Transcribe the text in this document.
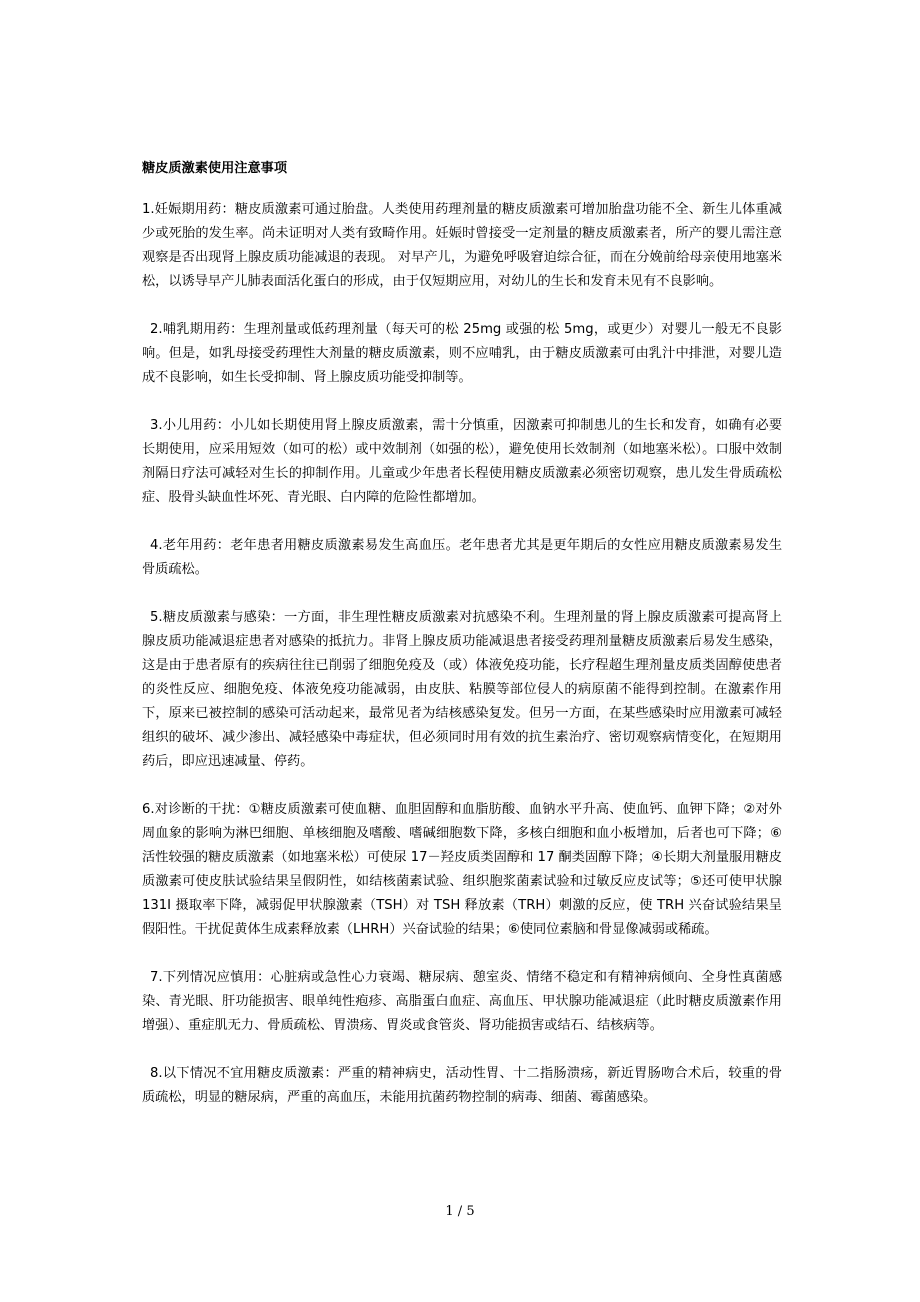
糖皮质激素使用注意事项

1.妊娠期用药：糖皮质激素可通过胎盘。人类使用药理剂量的糖皮质激素可增加胎盘功能不全、新生儿体重减少或死胎的发生率。尚未证明对人类有致畸作用。妊娠时曾接受一定剂量的糖皮质激素者，所产的婴儿需注意观察是否出现肾上腺皮质功能减退的表现。 对早产儿，为避免呼吸窘迫综合征，而在分娩前给母亲使用地塞米松，以诱导早产儿肺表面活化蛋白的形成，由于仅短期应用，对幼儿的生长和发育未见有不良影响。

2.哺乳期用药：生理剂量或低药理剂量（每天可的松 25mg 或强的松 5mg，或更少）对婴儿一般无不良影响。但是，如乳母接受药理性大剂量的糖皮质激素，则不应哺乳，由于糖皮质激素可由乳汁中排泄，对婴儿造成不良影响，如生长受抑制、肾上腺皮质功能受抑制等。

3.小儿用药：小儿如长期使用肾上腺皮质激素，需十分慎重，因激素可抑制患儿的生长和发育，如确有必要长期使用，应采用短效（如可的松）或中效制剂（如强的松），避免使用长效制剂（如地塞米松）。口服中效制剂隔日疗法可减轻对生长的抑制作用。儿童或少年患者长程使用糖皮质激素必须密切观察，患儿发生骨质疏松症、股骨头缺血性坏死、青光眼、白内障的危险性都增加。

4.老年用药：老年患者用糖皮质激素易发生高血压。老年患者尤其是更年期后的女性应用糖皮质激素易发生骨质疏松。

5.糖皮质激素与感染：一方面，非生理性糖皮质激素对抗感染不利。生理剂量的肾上腺皮质激素可提高肾上腺皮质功能减退症患者对感染的抵抗力。非肾上腺皮质功能减退患者接受药理剂量糖皮质激素后易发生感染，这是由于患者原有的疾病往往已削弱了细胞免疫及（或）体液免疫功能，长疗程超生理剂量皮质类固醇使患者的炎性反应、细胞免疫、体液免疫功能减弱，由皮肤、粘膜等部位侵人的病原菌不能得到控制。在激素作用下，原来已被控制的感染可活动起来，最常见者为结核感染复发。但另一方面，在某些感染时应用激素可减轻组织的破坏、减少渗出、减轻感染中毒症状，但必须同时用有效的抗生素治疗、密切观察病情变化，在短期用药后，即应迅速减量、停药。

6.对诊断的干扰：①糖皮质激素可使血糖、血胆固醇和血脂肪酸、血钠水平升高、使血钙、血钾下降；②对外周血象的影响为淋巴细胞、单核细胞及嗜酸、嗜碱细胞数下降，多核白细胞和血小板增加，后者也可下降；⑥活性较强的糖皮质激素（如地塞米松）可使尿 17－羟皮质类固醇和 17 酮类固醇下降；④长期大剂量服用糖皮质激素可使皮肤试验结果呈假阴性，如结核菌素试验、组织胞浆菌素试验和过敏反应皮试等；⑤还可使甲状腺 131I 摄取率下降，减弱促甲状腺激素（TSH）对 TSH 释放素（TRH）刺激的反应，使 TRH 兴奋试验结果呈假阳性。干扰促黄体生成素释放素（LHRH）兴奋试验的结果；⑥使同位素脑和骨显像减弱或稀疏。

7.下列情况应慎用：心脏病或急性心力衰竭、糖尿病、憩室炎、情绪不稳定和有精神病倾向、全身性真菌感染、青光眼、肝功能损害、眼单纯性疱疹、高脂蛋白血症、高血压、甲状腺功能减退症（此时糖皮质激素作用增强）、重症肌无力、骨质疏松、胃溃疡、胃炎或食管炎、肾功能损害或结石、结核病等。

8.以下情况不宜用糖皮质激素：严重的精神病史，活动性胃、十二指肠溃疡，新近胃肠吻合术后，较重的骨质疏松，明显的糖尿病，严重的高血压，未能用抗菌药物控制的病毒、细菌、霉菌感染。

1 / 5
